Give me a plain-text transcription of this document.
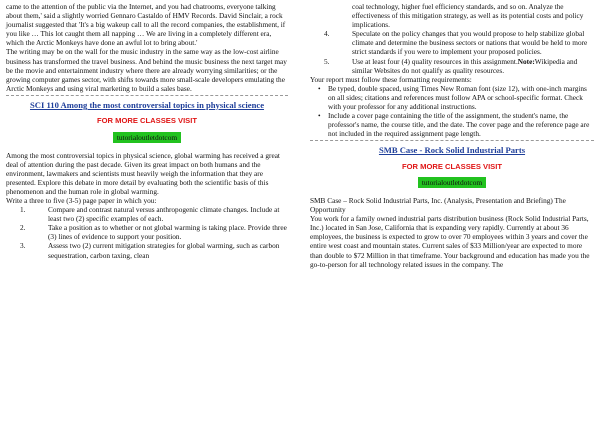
came to the attention of the public via the Internet, and you had chatrooms, everyone talking about them,' said a slightly worried Gennaro Castaldo of HMV Records. David Sinclair, a rock journalist suggested that 'It's a big wakeup call to all the record companies, the establishment, if you like … This lot caught them all napping … We are living in a completely different era, which the Arctic Monkeys have done an awful lot to bring about.'

The writing may be on the wall for the music industry in the same way as the low-cost airline business has transformed the travel business. And behind the music business the next target may be the movie and entertainment industry where there are already worrying similarities; or the growing computer games sector, with shifts towards more small-scale developers emulating the Arctic Monkeys and using viral marketing to build a sales base.

SCI 110 Among the most controversial topics in physical science
FOR MORE CLASSES VISIT
tutorialoutletdotcom

Among the most controversial topics in physical science, global warming has received a great deal of attention during the past decade. Given its great impact on both humans and the environment, lawmakers and scientists must heavily weigh the information that they are presented. Explore this debate in more detail by evaluating both the scientific basis of this phenomenon and the human role in global warming.

Write a three to five (3-5) page paper in which you:

1.	Compare and contrast natural versus anthropogenic climate changes. Include at least two (2) specific examples of each.
2.	Take a position as to whether or not global warming is taking place. Provide three (3) lines of evidence to support your position.
3.	Assess two (2) current mitigation strategies for global warming, such as carbon sequestration, carbon taxing, clean

coal technology, higher fuel efficiency standards, and so on. Analyze the effectiveness of this mitigation strategy, as well as its potential costs and policy implications.

4.	Speculate on the policy changes that you would propose to help stabilize global climate and determine the business sectors or nations that would be held to more strict standards if you were to implement your proposed policies.
5.	Use at least four (4) quality resources in this assignment.Note:Wikipedia and similar Websites do not qualify as quality resources.

Your report must follow these formatting requirements:

• Be typed, double spaced, using Times New Roman font (size 12), with one-inch margins on all sides; citations and references must follow APA or school-specific format. Check with your professor for any additional instructions.
• Include a cover page containing the title of the assignment, the student's name, the professor's name, the course title, and the date. The cover page and the reference page are not included in the required assignment page length.
SMB Case - Rock Solid Industrial Parts
FOR MORE CLASSES VISIT
tutorialoutletdotcom

SMB Case – Rock Solid Industrial Parts, Inc. (Analysis, Presentation and Briefing) The Opportunity

You work for a family owned industrial parts distribution business (Rock Solid Industrial Parts, Inc.) located in San Jose, California that is expanding very rapidly. Currently at about 36 employees, the business is expected to grow to over 70 employees within 3 years and cover the entire west coast and mountain states. Current sales of $33 Million/year are expected to more than double to $72 Million in that timeframe. Your background and education has made you the go-to-person for all technology related issues in the company. The
